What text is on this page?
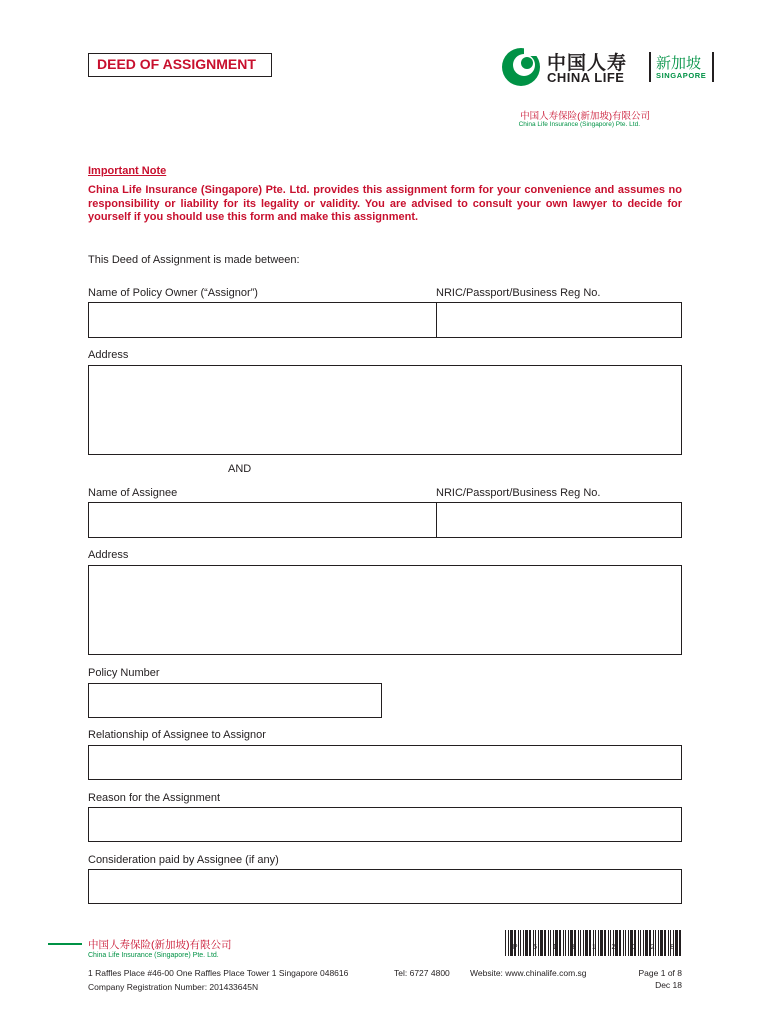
DEED OF ASSIGNMENT	中国人寿
CHINA LIFE
新加坡
SINGAPORE
中国人寿保险(新加坡)有限公司
China Life Insurance (Singapore) Pte. Ltd.
Important Note
China Life Insurance (Singapore) Pte. Ltd. provides this assignment form for your convenience and assumes no responsibility or liability for its legality or validity. You are advised to consult your own lawyer to decide for yourself if you should use this form and make this assignment.
This Deed of Assignment is made between:
Name of Policy Owner (“Assignor”)	NRIC/Passport/Business Reg No.
Address
AND
Name of Assignee	NRIC/Passport/Business Reg No.
Address
Policy Number
Relationship of Assignee to Assignor
Reason for the Assignment
Consideration paid by Assignee (if any)
中国人寿保险(新加坡)有限公司
China Life Insurance (Singapore) Pte. Ltd.
P 5 1 8 1 2 0 2 8
1 Raffles Place #46-00 One Raffles Place Tower 1 Singapore 048616
Company Registration Number: 201433645N
Tel: 6727 4800 Website: www.chinalife.com.sg	Page 1 of 8
Dec 18
